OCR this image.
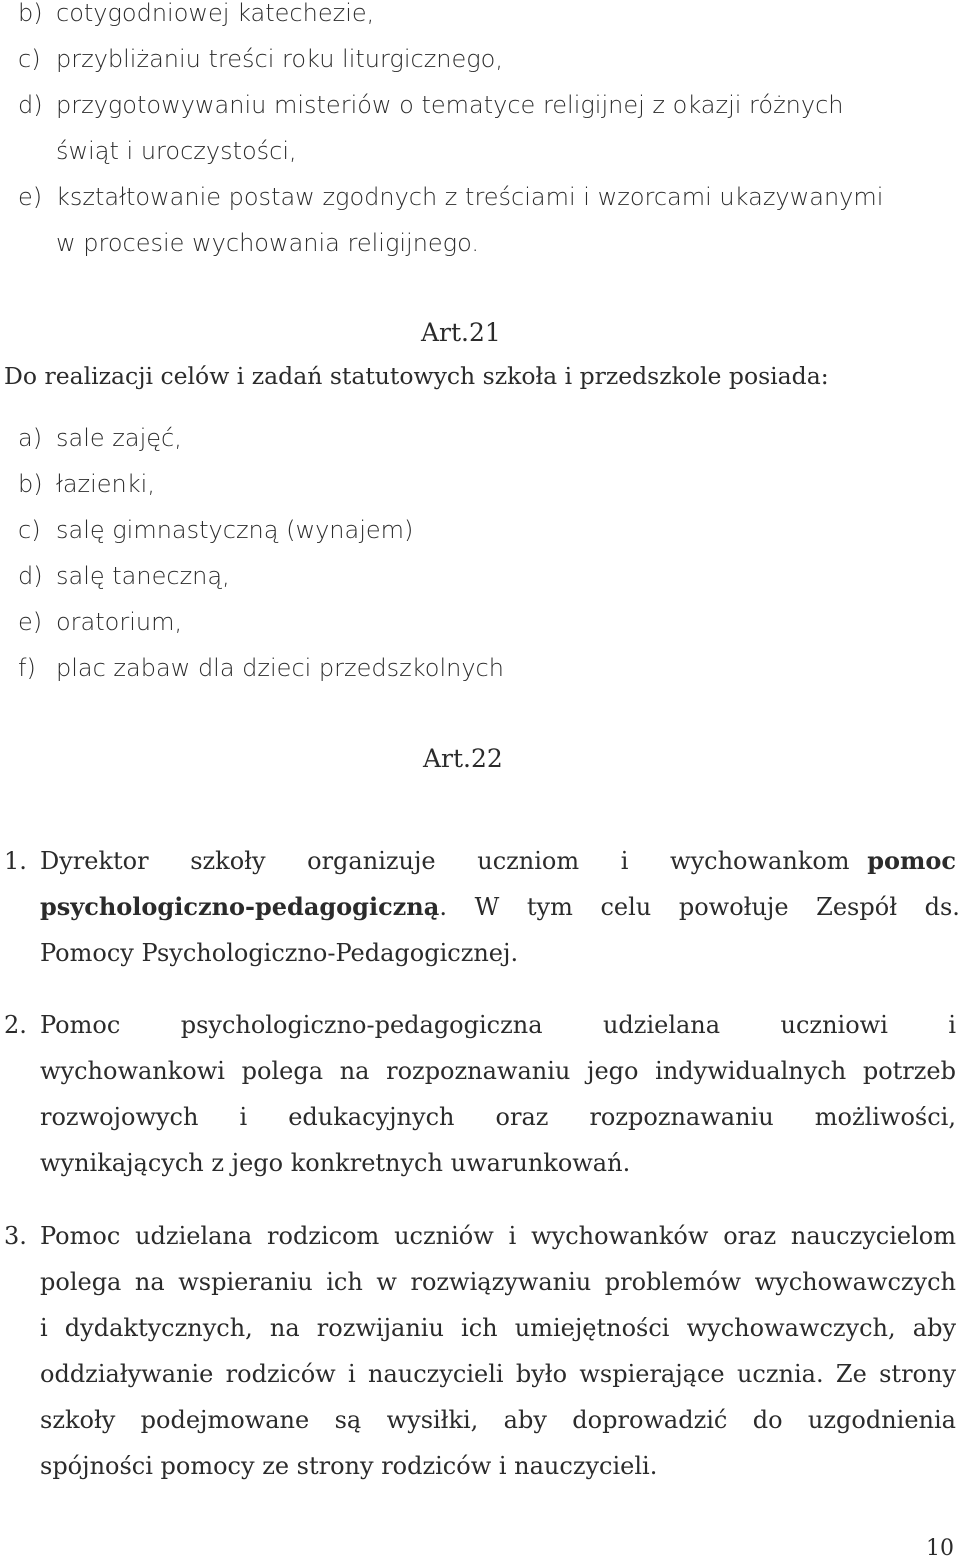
b) cotygodniowej katechezie,
c) przybliżaniu treści roku liturgicznego,
d) przygotowywaniu misteriów o tematyce religijnej z okazji różnych
świąt i uroczystości,
e) kształtowanie postaw zgodnych z treściami i wzorcami ukazywanymi
w procesie wychowania religijnego.
Art.21
Do realizacji celów i zadań statutowych szkoła i przedszkole posiada:
a) sale zajęć,
b) łazienki,
c) salę gimnastyczną (wynajem)
d) salę taneczną,
e) oratorium,
f) plac zabaw dla dzieci przedszkolnych
Art.22
1. Dyrektor szkoły organizuje uczniom i wychowankom pomoc
psychologiczno-pedagogiczną. W tym celu powołuje Zespół ds.
Pomocy Psychologiczno-Pedagogicznej.
2. Pomoc psychologiczno-pedagogiczna udzielana uczniowi i
wychowankowi polega na rozpoznawaniu jego indywidualnych potrzeb
rozwojowych i edukacyjnych oraz rozpoznawaniu możliwości,
wynikających z jego konkretnych uwarunkowań.
3. Pomoc udzielana rodzicom uczniów i wychowanków oraz nauczycielom
polega na wspieraniu ich w rozwiązywaniu problemów wychowawczych
i dydaktycznych, na rozwijaniu ich umiejętności wychowawczych, aby
oddziaływanie rodziców i nauczycieli było wspierające ucznia. Ze strony
szkoły podejmowane są wysiłki, aby doprowadzić do uzgodnienia
spójności pomocy ze strony rodziców i nauczycieli.
10
